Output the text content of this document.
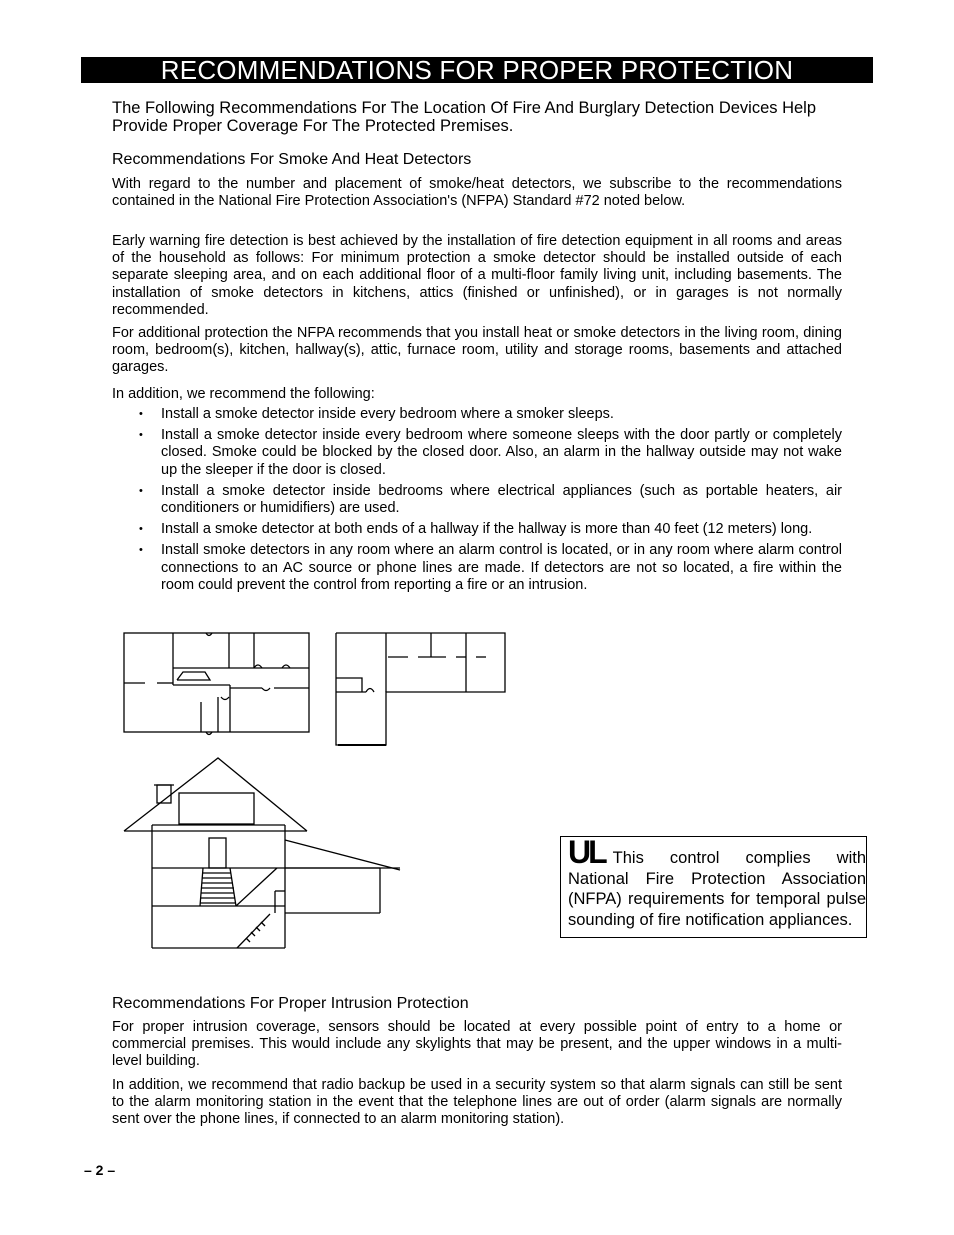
RECOMMENDATIONS FOR PROPER PROTECTION
The Following Recommendations For The Location Of Fire And Burglary Detection Devices Help Provide Proper Coverage For The Protected Premises.
Recommendations For Smoke And Heat Detectors
With regard to the number and placement of smoke/heat detectors, we subscribe to the recommendations contained in the National Fire Protection Association's (NFPA) Standard #72 noted below.
Early warning fire detection is best achieved by the installation of fire detection equipment in all rooms and areas of the household as follows: For minimum protection a smoke detector should be installed outside of each separate sleeping area, and on each additional floor of a multi-floor family living unit, including basements. The installation of smoke detectors in kitchens, attics (finished or unfinished), or in garages is not normally recommended.
For additional protection the NFPA recommends that you install heat or smoke detectors in the living room, dining room, bedroom(s), kitchen, hallway(s), attic, furnace room, utility and storage rooms, basements and attached garages.
In addition, we recommend the following:
• Install a smoke detector inside every bedroom where a smoker sleeps.
• Install a smoke detector inside every bedroom where someone sleeps with the door partly or completely closed. Smoke could be blocked by the closed door. Also, an alarm in the hallway outside may not wake up the sleeper if the door is closed.
• Install a smoke detector inside bedrooms where electrical appliances (such as portable heaters, air conditioners or humidifiers) are used.
• Install a smoke detector at both ends of a hallway if the hallway is more than 40 feet (12 meters) long.
• Install smoke detectors in any room where an alarm control is located, or in any room where alarm control connections to an AC source or phone lines are made. If detectors are not so located, a fire within the room could prevent the control from reporting a fire or an intrusion.
UL This control complies with National Fire Protection Association (NFPA) requirements for temporal pulse sounding of fire notification appliances.
Recommendations For Proper Intrusion Protection
For proper intrusion coverage, sensors should be located at every possible point of entry to a home or commercial premises. This would include any skylights that may be present, and the upper windows in a multi-level building.
In addition, we recommend that radio backup be used in a security system so that alarm signals can still be sent to the alarm monitoring station in the event that the telephone lines are out of order (alarm signals are normally sent over the phone lines, if connected to an alarm monitoring station).
– 2 –
